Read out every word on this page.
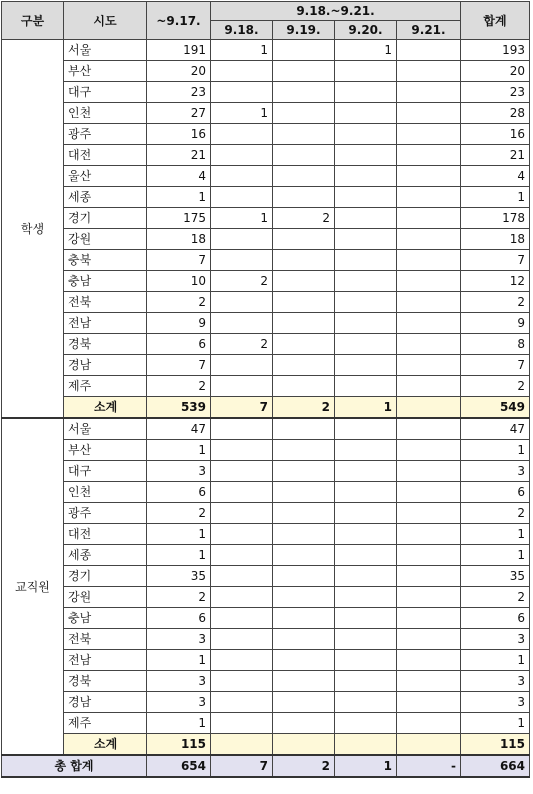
구분	시도	~9.17.	9.18.~9.21.				합계
			9.18.	9.19.	9.20.	9.21.	
학생	서울	191	1		1		193
	부산	20					20
	대구	23					23
	인천	27	1				28
	광주	16					16
	대전	21					21
	울산	4					4
	세종	1					1
	경기	175	1	2			178
	강원	18					18
	충북	7					7
	충남	10	2				12
	전북	2					2
	전남	9					9
	경북	6	2				8
	경남	7					7
	제주	2					2
	소계	539	7	2	1		549
교직원	서울	47					47
	부산	1					1
	대구	3					3
	인천	6					6
	광주	2					2
	대전	1					1
	세종	1					1
	경기	35					35
	강원	2					2
	충남	6					6
	전북	3					3
	전남	1					1
	경북	3					3
	경남	3					3
	제주	1					1
	소계	115					115
총 합계		654	7	2	1	-	664
